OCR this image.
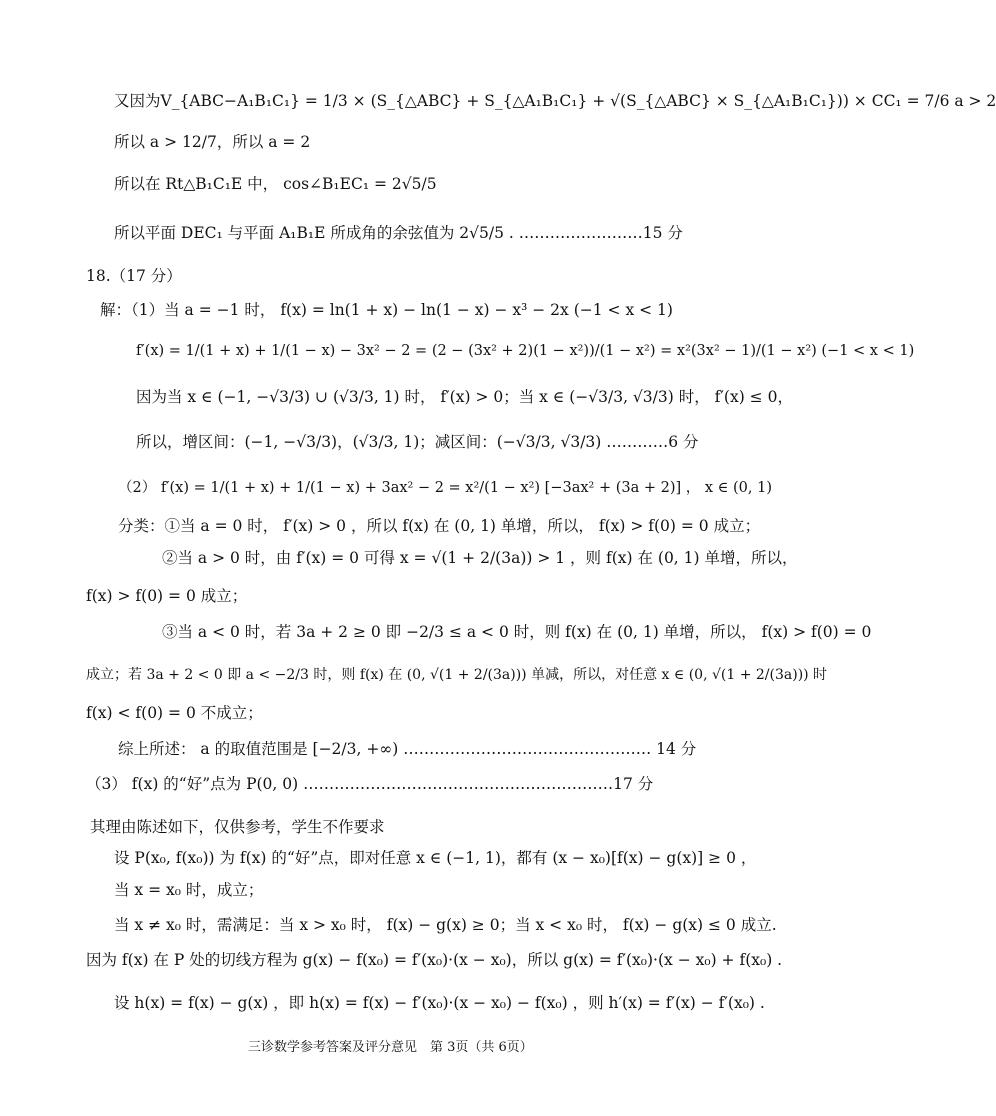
又因为V_{ABC−A₁B₁C₁} = 1/3 × (S_{△ABC} + S_{△A₁B₁C₁} + √(S_{△ABC} × S_{△A₁B₁C₁})) × CC₁ = 7/6 a > 2
所以 a > 12/7，所以 a = 2
所以在 Rt△B₁C₁E 中， cos∠B₁EC₁ = 2√5/5
所以平面 DEC₁ 与平面 A₁B₁E 所成角的余弦值为 2√5/5 . ……………………15 分
18.（17 分）
解：（1）当 a = −1 时， f(x) = ln(1 + x) − ln(1 − x) − x³ − 2x (−1 < x < 1)
f′(x) = 1/(1 + x) + 1/(1 − x) − 3x² − 2 = (2 − (3x² + 2)(1 − x²))/(1 − x²) = x²(3x² − 1)/(1 − x²) (−1 < x < 1)
因为当 x ∈ (−1, −√3/3) ∪ (√3/3, 1) 时， f′(x) > 0；当 x ∈ (−√3/3, √3/3) 时， f′(x) ≤ 0，
所以，增区间：(−1, −√3/3)，(√3/3, 1)；减区间：(−√3/3, √3/3) …………6 分
（2） f′(x) = 1/(1 + x) + 1/(1 − x) + 3ax² − 2 = x²/(1 − x²) [−3ax² + (3a + 2)] ， x ∈ (0, 1)
分类：①当 a = 0 时， f′(x) > 0 ，所以 f(x) 在 (0, 1) 单增，所以， f(x) > f(0) = 0 成立；
②当 a > 0 时，由 f′(x) = 0 可得 x = √(1 + 2/(3a)) > 1 ，则 f(x) 在 (0, 1) 单增，所以，
f(x) > f(0) = 0 成立；
③当 a < 0 时，若 3a + 2 ≥ 0 即 −2/3 ≤ a < 0 时，则 f(x) 在 (0, 1) 单增，所以， f(x) > f(0) = 0
成立；若 3a + 2 < 0 即 a < −2/3 时，则 f(x) 在 (0, √(1 + 2/(3a))) 单减，所以，对任意 x ∈ (0, √(1 + 2/(3a))) 时
f(x) < f(0) = 0 不成立；
综上所述： a 的取值范围是 [−2/3, +∞) ………………………………………… 14 分
（3） f(x) 的“好”点为 P(0, 0) ……………………………………………………17 分
其理由陈述如下，仅供参考，学生不作要求
设 P(x₀, f(x₀)) 为 f(x) 的“好”点，即对任意 x ∈ (−1, 1)，都有 (x − x₀)[f(x) − g(x)] ≥ 0 ，
当 x = x₀ 时，成立；
当 x ≠ x₀ 时，需满足：当 x > x₀ 时， f(x) − g(x) ≥ 0；当 x < x₀ 时， f(x) − g(x) ≤ 0 成立.
因为 f(x) 在 P 处的切线方程为 g(x) − f(x₀) = f′(x₀)·(x − x₀)，所以 g(x) = f′(x₀)·(x − x₀) + f(x₀) .
设 h(x) = f(x) − g(x) ，即 h(x) = f(x) − f′(x₀)·(x − x₀) − f(x₀) ，则 h′(x) = f′(x) − f′(x₀) .
三诊数学参考答案及评分意见　第 3页（共 6页）
